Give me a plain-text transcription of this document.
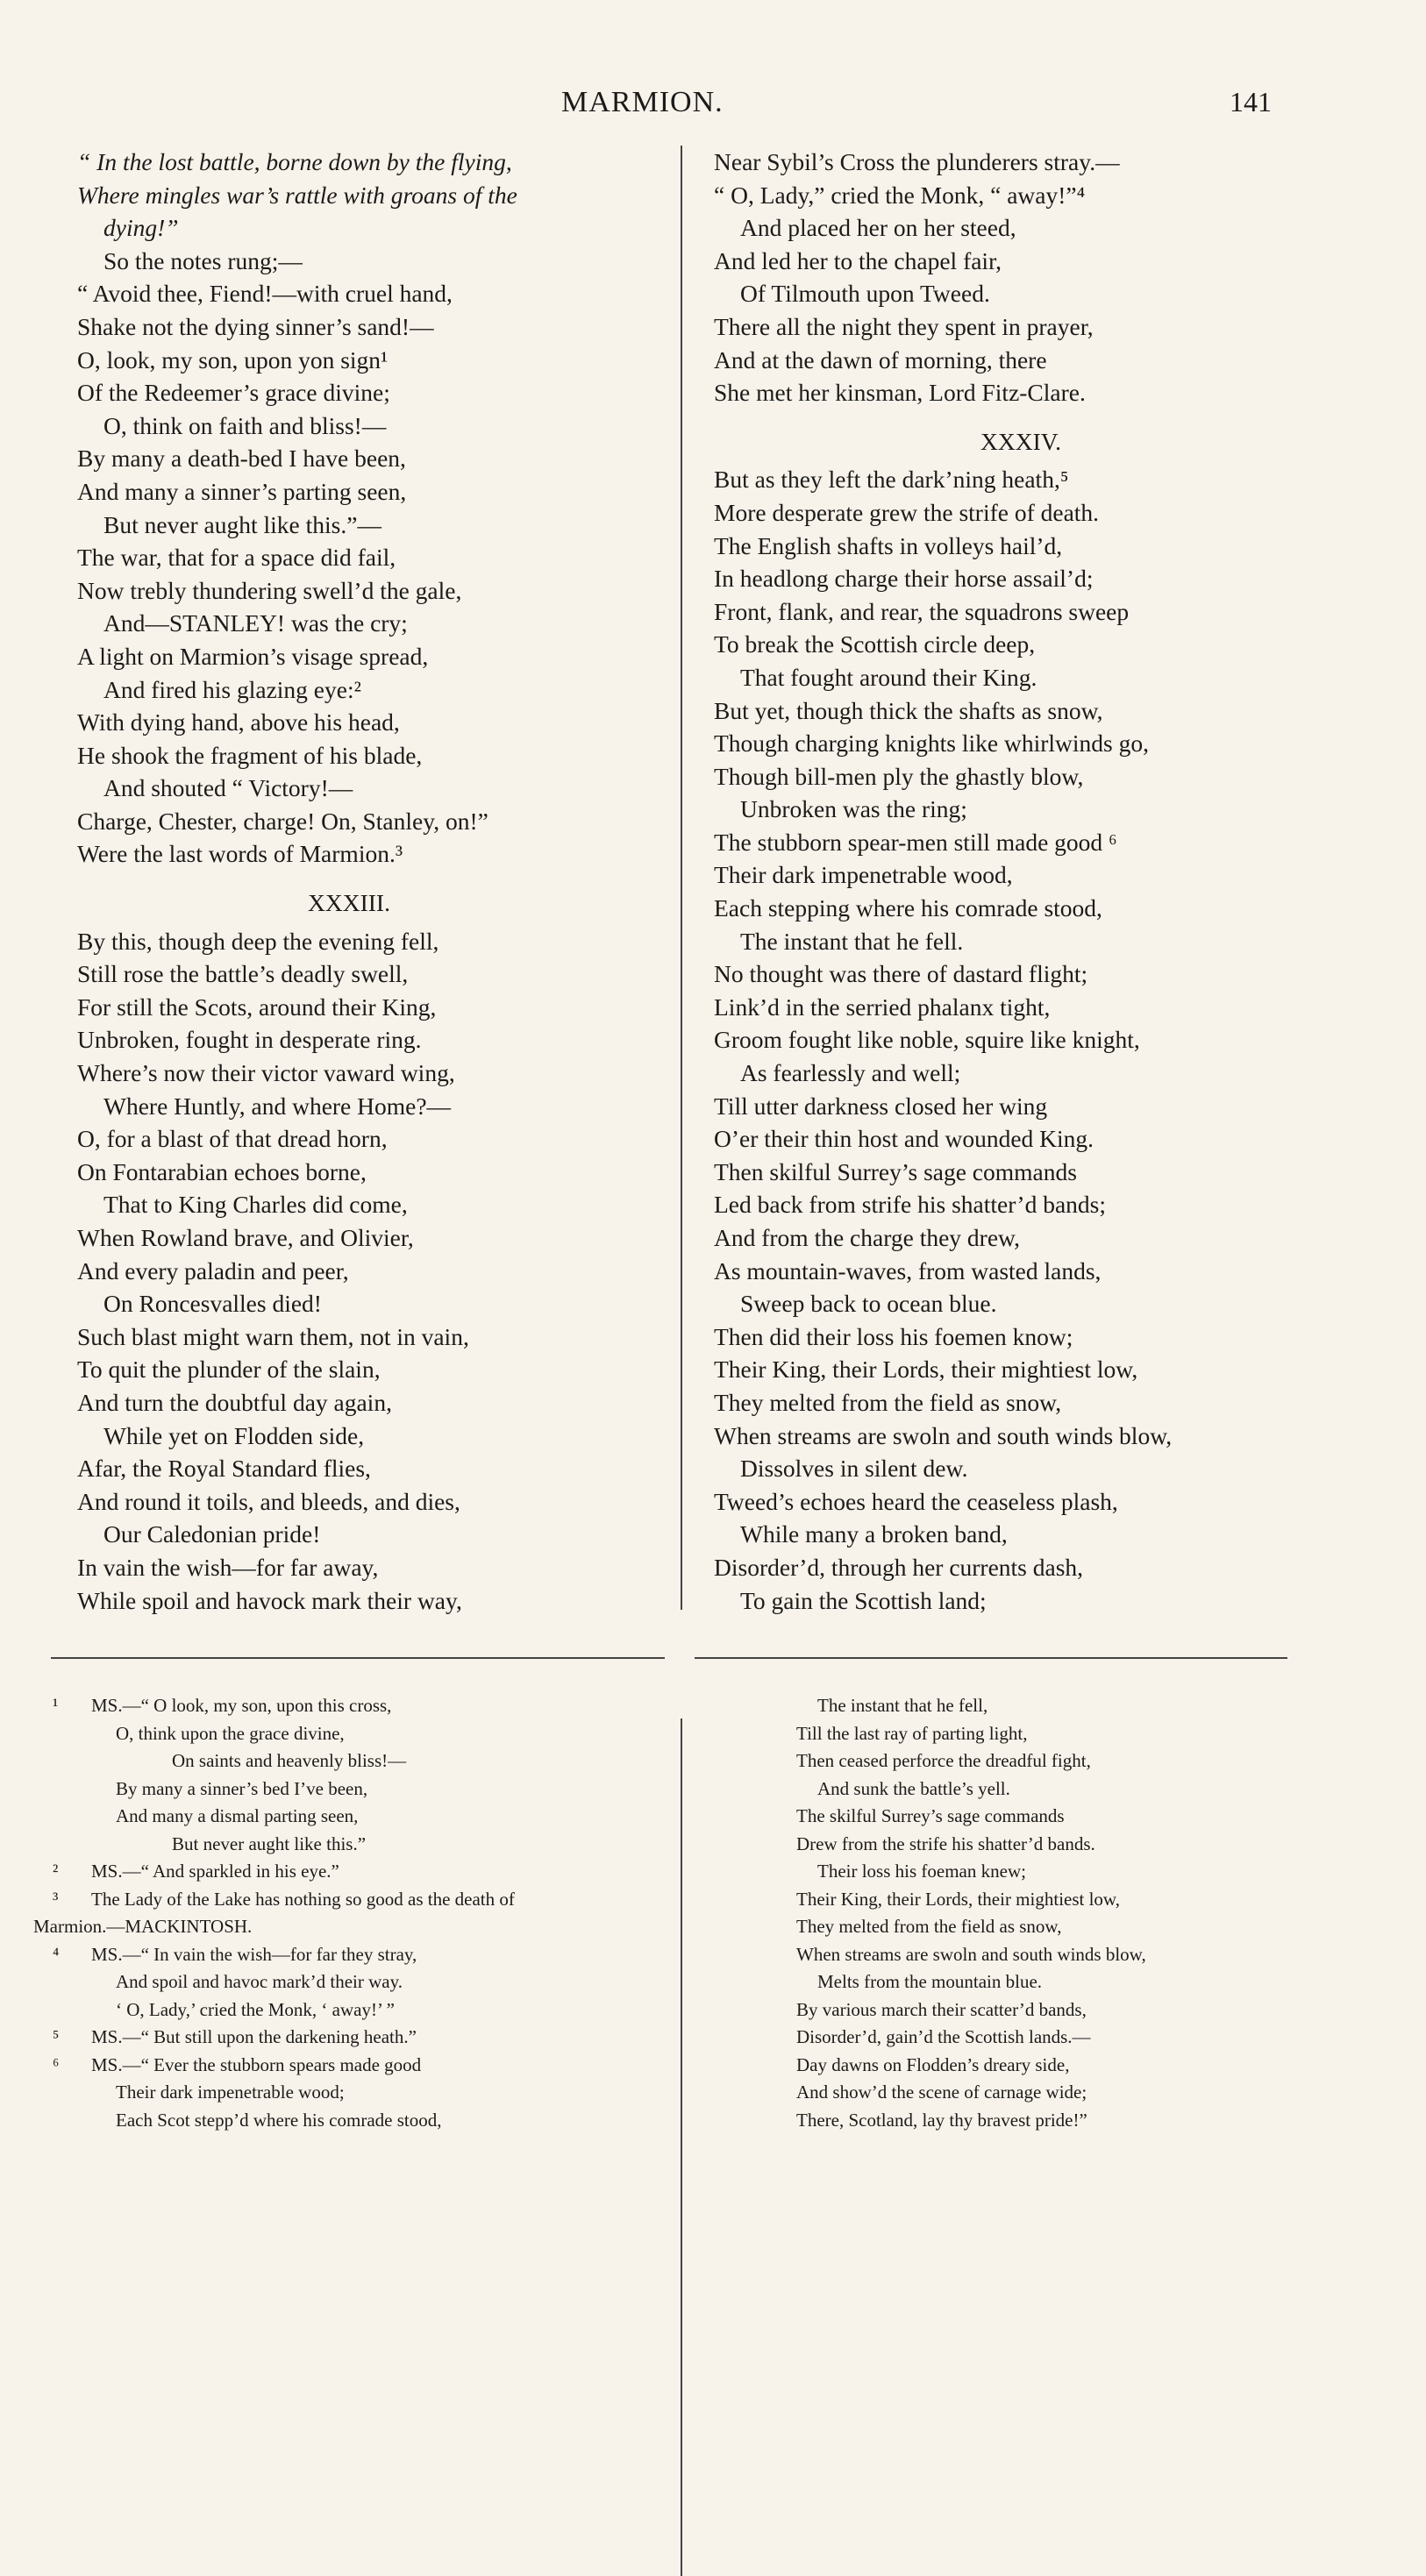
MARMION.	141
“ In the lost battle, borne down by the flying,
Where mingles war’s rattle with groans of the
dying!”
So the notes rung;—
“ Avoid thee, Fiend!—with cruel hand,
Shake not the dying sinner’s sand!—
O, look, my son, upon yon sign¹
Of the Redeemer’s grace divine;
O, think on faith and bliss!—
By many a death-bed I have been,
And many a sinner’s parting seen,
But never aught like this.”—
The war, that for a space did fail,
Now trebly thundering swell’d the gale,
And—STANLEY! was the cry;
A light on Marmion’s visage spread,
And fired his glazing eye:²
With dying hand, above his head,
He shook the fragment of his blade,
And shouted “ Victory!—
Charge, Chester, charge! On, Stanley, on!”
Were the last words of Marmion.³
XXXIII.
By this, though deep the evening fell,
Still rose the battle’s deadly swell,
For still the Scots, around their King,
Unbroken, fought in desperate ring.
Where’s now their victor vaward wing,
Where Huntly, and where Home?—
O, for a blast of that dread horn,
On Fontarabian echoes borne,
That to King Charles did come,
When Rowland brave, and Olivier,
And every paladin and peer,
On Roncesvalles died!
Such blast might warn them, not in vain,
To quit the plunder of the slain,
And turn the doubtful day again,
While yet on Flodden side,
Afar, the Royal Standard flies,
And round it toils, and bleeds, and dies,
Our Caledonian pride!
In vain the wish—for far away,
While spoil and havock mark their way,
Near Sybil’s Cross the plunderers stray.—
“ O, Lady,” cried the Monk, “ away!”⁴
And placed her on her steed,
And led her to the chapel fair,
Of Tilmouth upon Tweed.
There all the night they spent in prayer,
And at the dawn of morning, there
She met her kinsman, Lord Fitz-Clare.
XXXIV.
But as they left the dark’ning heath,⁵
More desperate grew the strife of death.
The English shafts in volleys hail’d,
In headlong charge their horse assail’d;
Front, flank, and rear, the squadrons sweep
To break the Scottish circle deep,
That fought around their King.
But yet, though thick the shafts as snow,
Though charging knights like whirlwinds go,
Though bill-men ply the ghastly blow,
Unbroken was the ring;
The stubborn spear-men still made good ⁶
Their dark impenetrable wood,
Each stepping where his comrade stood,
The instant that he fell.
No thought was there of dastard flight;
Link’d in the serried phalanx tight,
Groom fought like noble, squire like knight,
As fearlessly and well;
Till utter darkness closed her wing
O’er their thin host and wounded King.
Then skilful Surrey’s sage commands
Led back from strife his shatter’d bands;
And from the charge they drew,
As mountain-waves, from wasted lands,
Sweep back to ocean blue.
Then did their loss his foemen know;
Their King, their Lords, their mightiest low,
They melted from the field as snow,
When streams are swoln and south winds blow,
Dissolves in silent dew.
Tweed’s echoes heard the ceaseless plash,
While many a broken band,
Disorder’d, through her currents dash,
To gain the Scottish land;
¹ MS.—“ O look, my son, upon this cross,
O, think upon the grace divine,
On saints and heavenly bliss!—
By many a sinner’s bed I’ve been,
And many a dismal parting seen,
But never aught like this.”
² MS.—“ And sparkled in his eye.”
³ The Lady of the Lake has nothing so good as the death of
Marmion.—MACKINTOSH.
⁴ MS.—“ In vain the wish—for far they stray,
And spoil and havoc mark’d their way.
‘ O, Lady,’ cried the Monk, ‘ away!’ ”
⁵ MS.—“ But still upon the darkening heath.”
⁶ MS.—“ Ever the stubborn spears made good
Their dark impenetrable wood;
Each Scot stepp’d where his comrade stood,
The instant that he fell,
Till the last ray of parting light,
Then ceased perforce the dreadful fight,
And sunk the battle’s yell.
The skilful Surrey’s sage commands
Drew from the strife his shatter’d bands.
Their loss his foeman knew;
Their King, their Lords, their mightiest low,
They melted from the field as snow,
When streams are swoln and south winds blow,
Melts from the mountain blue.
By various march their scatter’d bands,
Disorder’d, gain’d the Scottish lands.—
Day dawns on Flodden’s dreary side,
And show’d the scene of carnage wide;
There, Scotland, lay thy bravest pride!”
